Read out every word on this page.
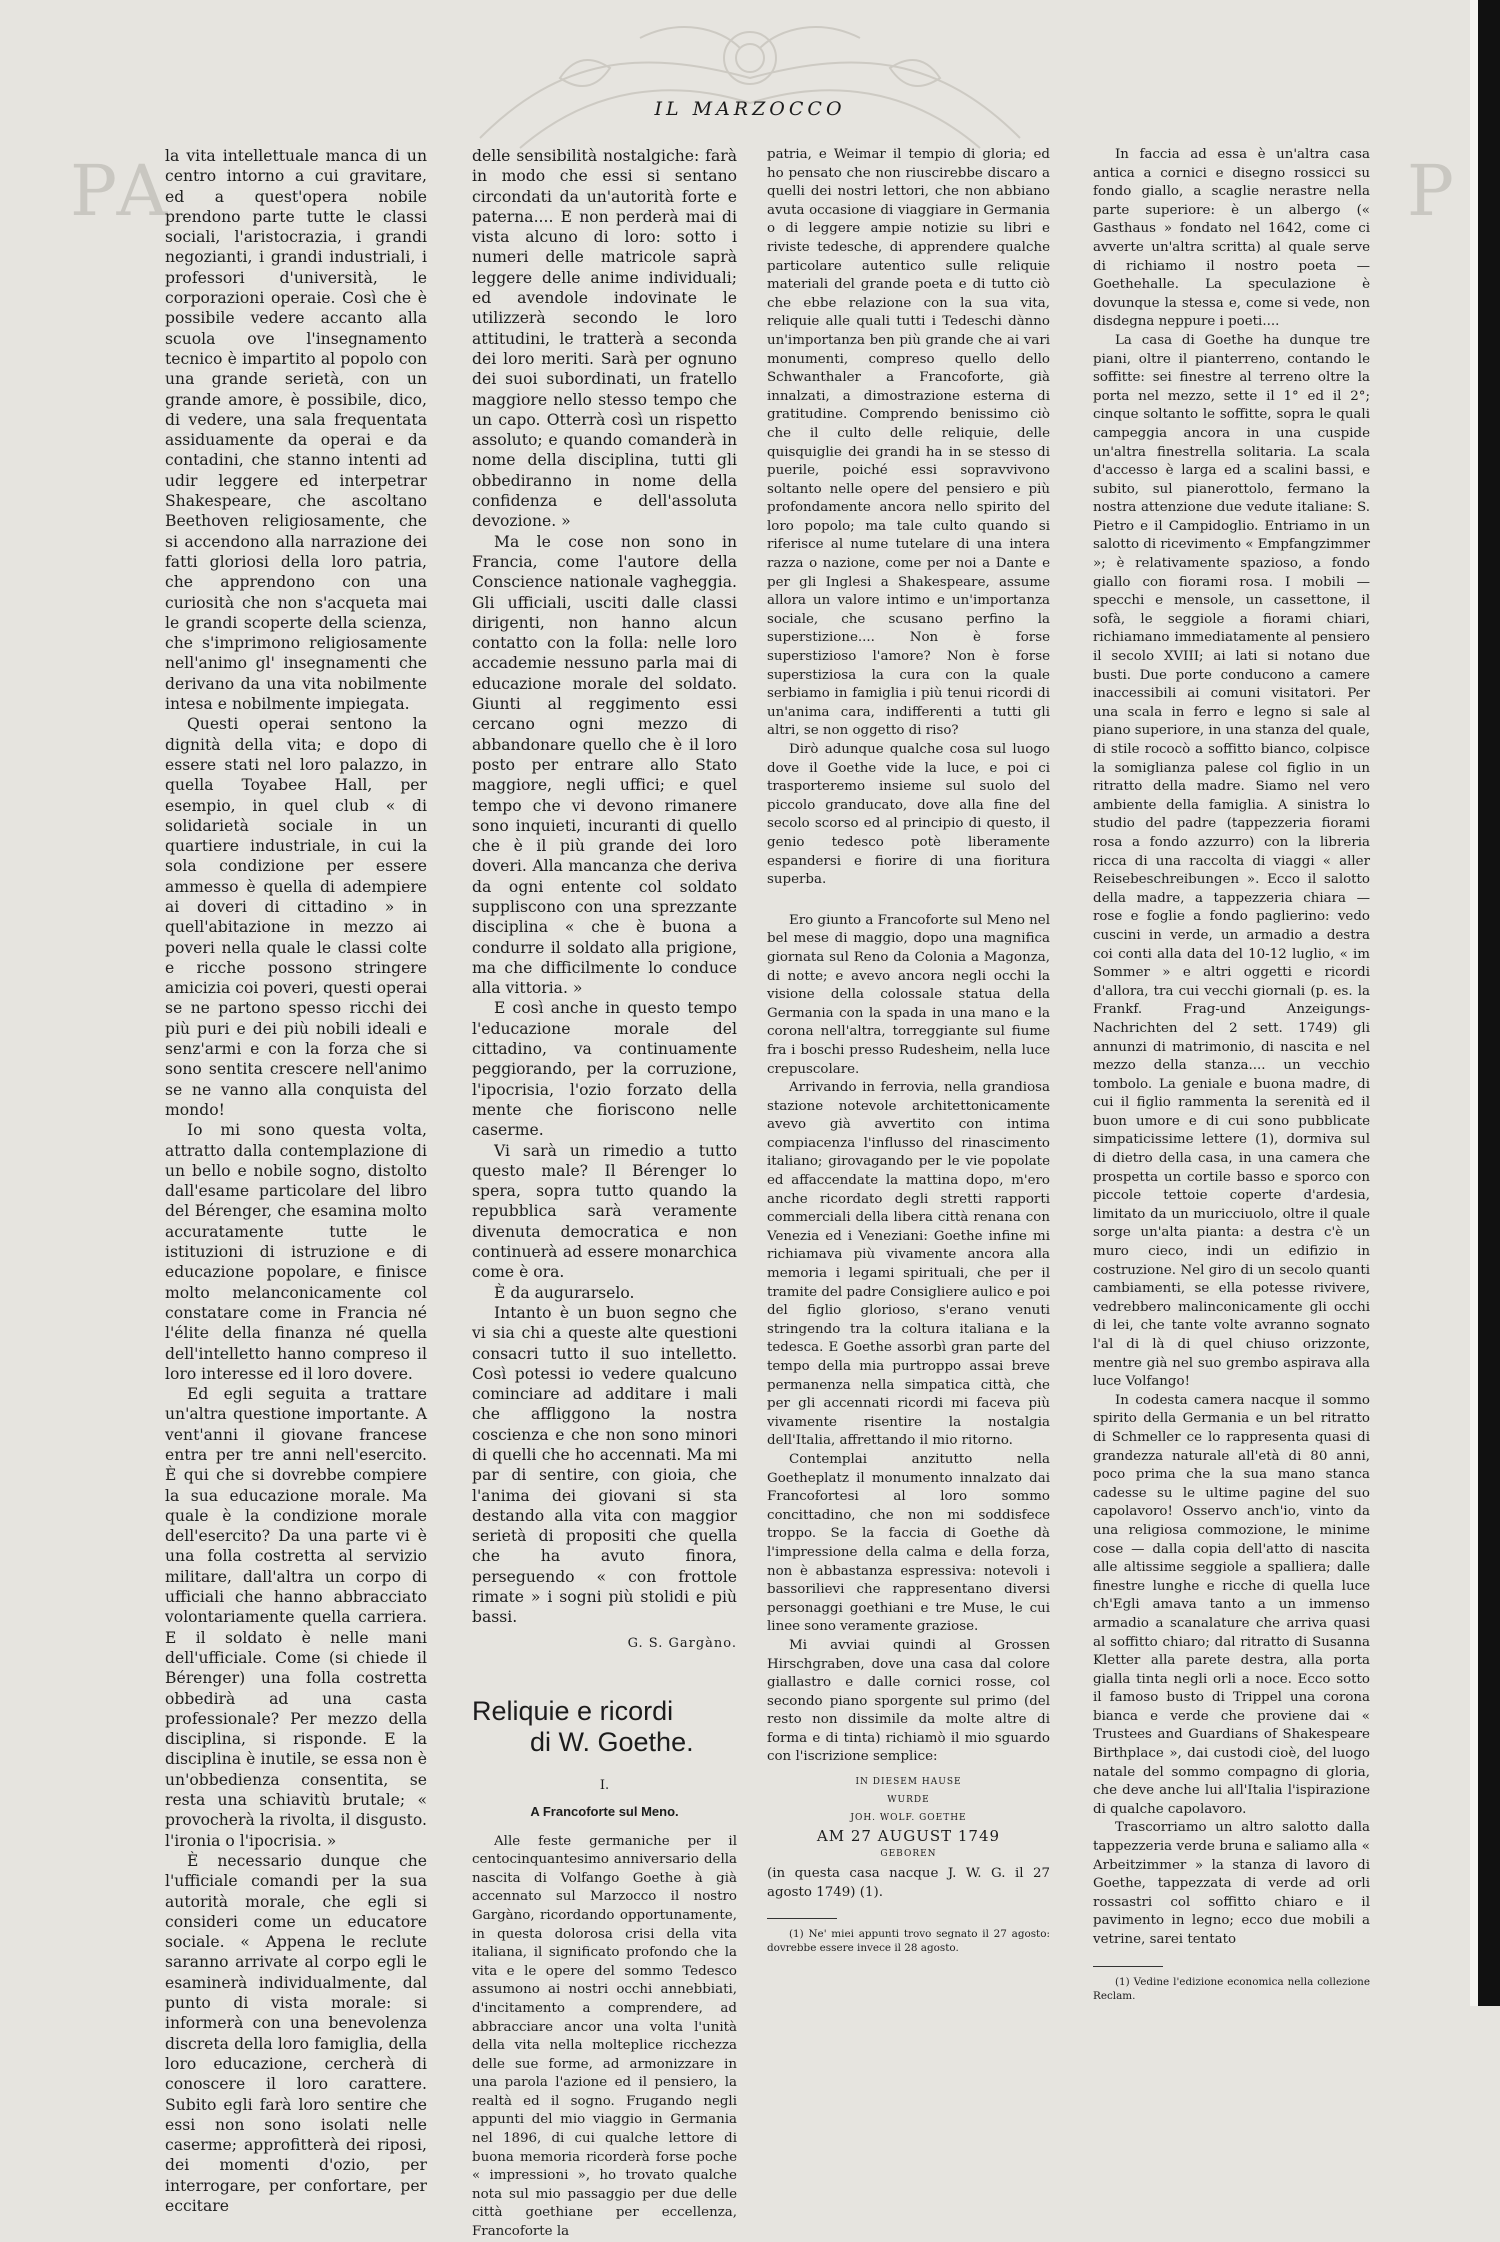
PA	P
IL MARZOCCO

la vita intellettuale manca di un centro intorno a cui gravitare, ed a quest'opera nobile prendono parte tutte le classi sociali, l'aristocrazia, i grandi negozianti, i grandi industriali, i professori d'università, le corporazioni operaie. Così che è possibile vedere accanto alla scuola ove l'insegnamento tecnico è impartito al popolo con una grande serietà, con un grande amore, è possibile, dico, di vedere, una sala frequentata assiduamente da operai e da contadini, che stanno intenti ad udir leggere ed interpetrar Shakespeare, che ascoltano Beethoven religiosamente, che si accendono alla narrazione dei fatti gloriosi della loro patria, che apprendono con una curiosità che non s'acqueta mai le grandi scoperte della scienza, che s'imprimono religiosamente nell'animo gl' insegnamenti che derivano da una vita nobilmente intesa e nobilmente impiegata.

Questi operai sentono la dignità della vita; e dopo di essere stati nel loro palazzo, in quella Toyabee Hall, per esempio, in quel club « di solidarietà sociale in un quartiere industriale, in cui la sola condizione per essere ammesso è quella di adempiere ai doveri di cittadino » in quell'abitazione in mezzo ai poveri nella quale le classi colte e ricche possono stringere amicizia coi poveri, questi operai se ne partono spesso ricchi dei più puri e dei più nobili ideali e senz'armi e con la forza che si sono sentita crescere nell'animo se ne vanno alla conquista del mondo!

Io mi sono questa volta, attratto dalla contemplazione di un bello e nobile sogno, distolto dall'esame particolare del libro del Bérenger, che esamina molto accuratamente tutte le istituzioni di istruzione e di educazione popolare, e finisce molto melanconicamente col constatare come in Francia né l'élite della finanza né quella dell'intelletto hanno compreso il loro interesse ed il loro dovere.

Ed egli seguita a trattare un'altra questione importante. A vent'anni il giovane francese entra per tre anni nell'esercito. È qui che si dovrebbe compiere la sua educazione morale. Ma quale è la condizione morale dell'esercito? Da una parte vi è una folla costretta al servizio militare, dall'altra un corpo di ufficiali che hanno abbracciato volontariamente quella carriera. E il soldato è nelle mani dell'ufficiale. Come (si chiede il Bérenger) una folla costretta obbedirà ad una casta professionale? Per mezzo della disciplina, si risponde. E la disciplina è inutile, se essa non è un'obbedienza consentita, se resta una schiavitù brutale; « provocherà la rivolta, il disgusto. l'ironia o l'ipocrisia. »

È necessario dunque che l'ufficiale comandi per la sua autorità morale, che egli si consideri come un educatore sociale. « Appena le reclute saranno arrivate al corpo egli le esaminerà individualmente, dal punto di vista morale: si informerà con una benevolenza discreta della loro famiglia, della loro educazione, cercherà di conoscere il loro carattere. Subito egli farà loro sentire che essi non sono isolati nelle caserme; approfitterà dei riposi, dei momenti d'ozio, per interrogare, per confortare, per eccitare

delle sensibilità nostalgiche: farà in modo che essi si sentano circondati da un'autorità forte e paterna.... E non perderà mai di vista alcuno di loro: sotto i numeri delle matricole saprà leggere delle anime individuali; ed avendole indovinate le utilizzerà secondo le loro attitudini, le tratterà a seconda dei loro meriti. Sarà per ognuno dei suoi subordinati, un fratello maggiore nello stesso tempo che un capo. Otterrà così un rispetto assoluto; e quando comanderà in nome della disciplina, tutti gli obbediranno in nome della confidenza e dell'assoluta devozione. »

Ma le cose non sono in Francia, come l'autore della Conscience nationale vagheggia. Gli ufficiali, usciti dalle classi dirigenti, non hanno alcun contatto con la folla: nelle loro accademie nessuno parla mai di educazione morale del soldato. Giunti al reggimento essi cercano ogni mezzo di abbandonare quello che è il loro posto per entrare allo Stato maggiore, negli uffici; e quel tempo che vi devono rimanere sono inquieti, incuranti di quello che è il più grande dei loro doveri. Alla mancanza che deriva da ogni entente col soldato suppliscono con una sprezzante disciplina « che è buona a condurre il soldato alla prigione, ma che difficilmente lo conduce alla vittoria. »

E così anche in questo tempo l'educazione morale del cittadino, va continuamente peggiorando, per la corruzione, l'ipocrisia, l'ozio forzato della mente che fioriscono nelle caserme.

Vi sarà un rimedio a tutto questo male? Il Bérenger lo spera, sopra tutto quando la repubblica sarà veramente divenuta democratica e non continuerà ad essere monarchica come è ora.

È da augurarselo.

Intanto è un buon segno che vi sia chi a queste alte questioni consacri tutto il suo intelletto. Così potessi io vedere qualcuno cominciare ad additare i mali che affliggono la nostra coscienza e che non sono minori di quelli che ho accennati. Ma mi par di sentire, con gioia, che l'anima dei giovani si sta destando alla vita con maggior serietà di propositi che quella che ha avuto finora, perseguendo « con frottole rimate » i sogni più stolidi e più bassi.

G. S. Gargàno.
Reliquie e ricordi
di W. Goethe.
I.
A Francoforte sul Meno.

Alle feste germaniche per il centocinquantesimo anniversario della nascita di Volfango Goethe à già accennato sul Marzocco il nostro Gargàno, ricordando opportunamente, in questa dolorosa crisi della vita italiana, il significato profondo che la vita e le opere del sommo Tedesco assumono ai nostri occhi annebbiati, d'incitamento a comprendere, ad abbracciare ancor una volta l'unità della vita nella molteplice ricchezza delle sue forme, ad armonizzare in una parola l'azione ed il pensiero, la realtà ed il sogno. Frugando negli appunti del mio viaggio in Germania nel 1896, di cui qualche lettore di buona memoria ricorderà forse poche « impressioni », ho trovato qualche nota sul mio passaggio per due delle città goethiane per eccellenza, Francoforte la

patria, e Weimar il tempio di gloria; ed ho pensato che non riuscirebbe discaro a quelli dei nostri lettori, che non abbiano avuta occasione di viaggiare in Germania o di leggere ampie notizie su libri e riviste tedesche, di apprendere qualche particolare autentico sulle reliquie materiali del grande poeta e di tutto ciò che ebbe relazione con la sua vita, reliquie alle quali tutti i Tedeschi dànno un'importanza ben più grande che ai vari monumenti, compreso quello dello Schwanthaler a Francoforte, già innalzati, a dimostrazione esterna di gratitudine. Comprendo benissimo ciò che il culto delle reliquie, delle quisquiglie dei grandi ha in se stesso di puerile, poiché essi sopravvivono soltanto nelle opere del pensiero e più profondamente ancora nello spirito del loro popolo; ma tale culto quando si riferisce al nume tutelare di una intera razza o nazione, come per noi a Dante e per gli Inglesi a Shakespeare, assume allora un valore intimo e un'importanza sociale, che scusano perfino la superstizione.... Non è forse superstizioso l'amore? Non è forse superstiziosa la cura con la quale serbiamo in famiglia i più tenui ricordi di un'anima cara, indifferenti a tutti gli altri, se non oggetto di riso?

Dirò adunque qualche cosa sul luogo dove il Goethe vide la luce, e poi ci trasporteremo insieme sul suolo del piccolo granducato, dove alla fine del secolo scorso ed al principio di questo, il genio tedesco potè liberamente espandersi e fiorire di una fioritura superba.

Ero giunto a Francoforte sul Meno nel bel mese di maggio, dopo una magnifica giornata sul Reno da Colonia a Magonza, di notte; e avevo ancora negli occhi la visione della colossale statua della Germania con la spada in una mano e la corona nell'altra, torreggiante sul fiume fra i boschi presso Rudesheim, nella luce crepuscolare.

Arrivando in ferrovia, nella grandiosa stazione notevole architettonicamente avevo già avvertito con intima compiacenza l'influsso del rinascimento italiano; girovagando per le vie popolate ed affaccendate la mattina dopo, m'ero anche ricordato degli stretti rapporti commerciali della libera città renana con Venezia ed i Veneziani: Goethe infine mi richiamava più vivamente ancora alla memoria i legami spirituali, che per il tramite del padre Consigliere aulico e poi del figlio glorioso, s'erano venuti stringendo tra la coltura italiana e la tedesca. E Goethe assorbì gran parte del tempo della mia purtroppo assai breve permanenza nella simpatica città, che per gli accennati ricordi mi faceva più vivamente risentire la nostalgia dell'Italia, affrettando il mio ritorno.

Contemplai anzitutto nella Goetheplatz il monumento innalzato dai Francofortesi al loro sommo concittadino, che non mi soddisfece troppo. Se la faccia di Goethe dà l'impressione della calma e della forza, non è abbastanza espressiva: notevoli i bassorilievi che rappresentano diversi personaggi goethiani e tre Muse, le cui linee sono veramente graziose.

Mi avviai quindi al Grossen Hirschgraben, dove una casa dal colore giallastro e dalle cornici rosse, col secondo piano sporgente sul primo (del resto non dissimile da molte altre di forma e di tinta) richiamò il mio sguardo con l'iscrizione semplice:

IN DIESEM HAUSE
WURDE
JOH. WOLF. GOETHE
AM 27 AUGUST 1749
GEBOREN

(in questa casa nacque J. W. G. il 27 agosto 1749) (1).

(1) Ne' miei appunti trovo segnato il 27 agosto: dovrebbe essere invece il 28 agosto.

In faccia ad essa è un'altra casa antica a cornici e disegno rossicci su fondo giallo, a scaglie nerastre nella parte superiore: è un albergo (« Gasthaus » fondato nel 1642, come ci avverte un'altra scritta) al quale serve di richiamo il nostro poeta — Goethehalle. La speculazione è dovunque la stessa e, come si vede, non disdegna neppure i poeti....

La casa di Goethe ha dunque tre piani, oltre il pianterreno, contando le soffitte: sei finestre al terreno oltre la porta nel mezzo, sette il 1° ed il 2°; cinque soltanto le soffitte, sopra le quali campeggia ancora in una cuspide un'altra finestrella solitaria. La scala d'accesso è larga ed a scalini bassi, e subito, sul pianerottolo, fermano la nostra attenzione due vedute italiane: S. Pietro e il Campidoglio. Entriamo in un salotto di ricevimento « Empfangzimmer »; è relativamente spazioso, a fondo giallo con fiorami rosa. I mobili — specchi e mensole, un cassettone, il sofà, le seggiole a fiorami chiari, richiamano immediatamente al pensiero il secolo XVIII; ai lati si notano due busti. Due porte conducono a camere inaccessibili ai comuni visitatori. Per una scala in ferro e legno si sale al piano superiore, in una stanza del quale, di stile rococò a soffitto bianco, colpisce la somiglianza palese col figlio in un ritratto della madre. Siamo nel vero ambiente della famiglia. A sinistra lo studio del padre (tappezzeria fiorami rosa a fondo azzurro) con la libreria ricca di una raccolta di viaggi « aller Reisebeschreibungen ». Ecco il salotto della madre, a tappezzeria chiara — rose e foglie a fondo paglierino: vedo cuscini in verde, un armadio a destra coi conti alla data del 10-12 luglio, « im Sommer » e altri oggetti e ricordi d'allora, tra cui vecchi giornali (p. es. la Frankf. Frag-und Anzeigungs-Nachrichten del 2 sett. 1749) gli annunzi di matrimonio, di nascita e nel mezzo della stanza.... un vecchio tombolo. La geniale e buona madre, di cui il figlio rammenta la serenità ed il buon umore e di cui sono pubblicate simpaticissime lettere (1), dormiva sul di dietro della casa, in una camera che prospetta un cortile basso e sporco con piccole tettoie coperte d'ardesia, limitato da un muricciuolo, oltre il quale sorge un'alta pianta: a destra c'è un muro cieco, indi un edifizio in costruzione. Nel giro di un secolo quanti cambiamenti, se ella potesse rivivere, vedrebbero malinconicamente gli occhi di lei, che tante volte avranno sognato l'al di là di quel chiuso orizzonte, mentre già nel suo grembo aspirava alla luce Volfango!

In codesta camera nacque il sommo spirito della Germania e un bel ritratto di Schmeller ce lo rappresenta quasi di grandezza naturale all'età di 80 anni, poco prima che la sua mano stanca cadesse su le ultime pagine del suo capolavoro! Osservo anch'io, vinto da una religiosa commozione, le minime cose — dalla copia dell'atto di nascita alle altissime seggiole a spalliera; dalle finestre lunghe e ricche di quella luce ch'Egli amava tanto a un immenso armadio a scanalature che arriva quasi al soffitto chiaro; dal ritratto di Susanna Kletter alla parete destra, alla porta gialla tinta negli orli a noce. Ecco sotto il famoso busto di Trippel una corona bianca e verde che proviene dai « Trustees and Guardians of Shakespeare Birthplace », dai custodi cioè, del luogo natale del sommo compagno di gloria, che deve anche lui all'Italia l'ispirazione di qualche capolavoro.

Trascorriamo un altro salotto dalla tappezzeria verde bruna e saliamo alla « Arbeitzimmer » la stanza di lavoro di Goethe, tappezzata di verde ad orli rossastri col soffitto chiaro e il pavimento in legno; ecco due mobili a vetrine, sarei tentato

(1) Vedine l'edizione economica nella collezione Reclam.
